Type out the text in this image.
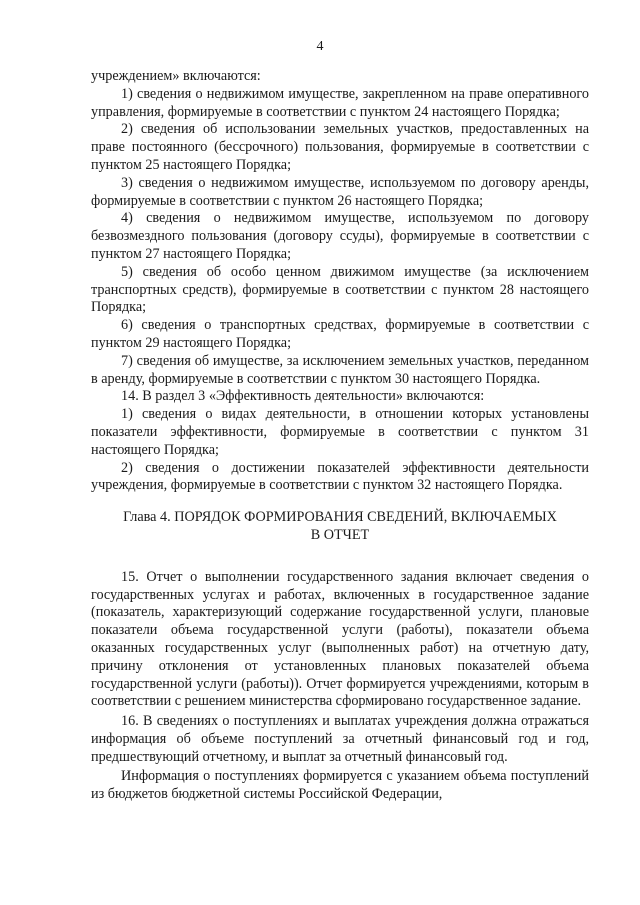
4

учреждением» включаются:

1) сведения о недвижимом имуществе, закрепленном на праве оперативного управления, формируемые в соответствии с пунктом 24 настоящего Порядка;

2) сведения об использовании земельных участков, предоставленных на праве постоянного (бессрочного) пользования, формируемые в соответствии с пунктом 25 настоящего Порядка;

3) сведения о недвижимом имуществе, используемом по договору аренды, формируемые в соответствии с пунктом 26 настоящего Порядка;

4) сведения о недвижимом имуществе, используемом по договору безвозмездного пользования (договору ссуды), формируемые в соответствии с пунктом 27 настоящего Порядка;

5) сведения об особо ценном движимом имуществе (за исключением транспортных средств), формируемые в соответствии с пунктом 28 настоящего Порядка;

6) сведения о транспортных средствах, формируемые в соответствии с пунктом 29 настоящего Порядка;

7) сведения об имуществе, за исключением земельных участков, переданном в аренду, формируемые в соответствии с пунктом 30 настоящего Порядка.

14. В раздел 3 «Эффективность деятельности» включаются:

1) сведения о видах деятельности, в отношении которых установлены показатели эффективности, формируемые в соответствии с пунктом 31 настоящего Порядка;

2) сведения о достижении показателей эффективности деятельности учреждения, формируемые в соответствии с пунктом 32 настоящего Порядка.

Глава 4. ПОРЯДОК ФОРМИРОВАНИЯ СВЕДЕНИЙ, ВКЛЮЧАЕМЫХ
В ОТЧЕТ

15. Отчет о выполнении государственного задания включает сведения о государственных услугах и работах, включенных в государственное задание (показатель, характеризующий содержание государственной услуги, плановые показатели объема государственной услуги (работы), показатели объема оказанных государственных услуг (выполненных работ) на отчетную дату, причину отклонения от установленных плановых показателей объема государственной услуги (работы)). Отчет формируется учреждениями, которым в соответствии с решением министерства сформировано государственное задание.

16. В сведениях о поступлениях и выплатах учреждения должна отражаться информация об объеме поступлений за отчетный финансовый год и год, предшествующий отчетному, и выплат за отчетный финансовый год.

Информация о поступлениях формируется с указанием объема поступлений из бюджетов бюджетной системы Российской Федерации,
